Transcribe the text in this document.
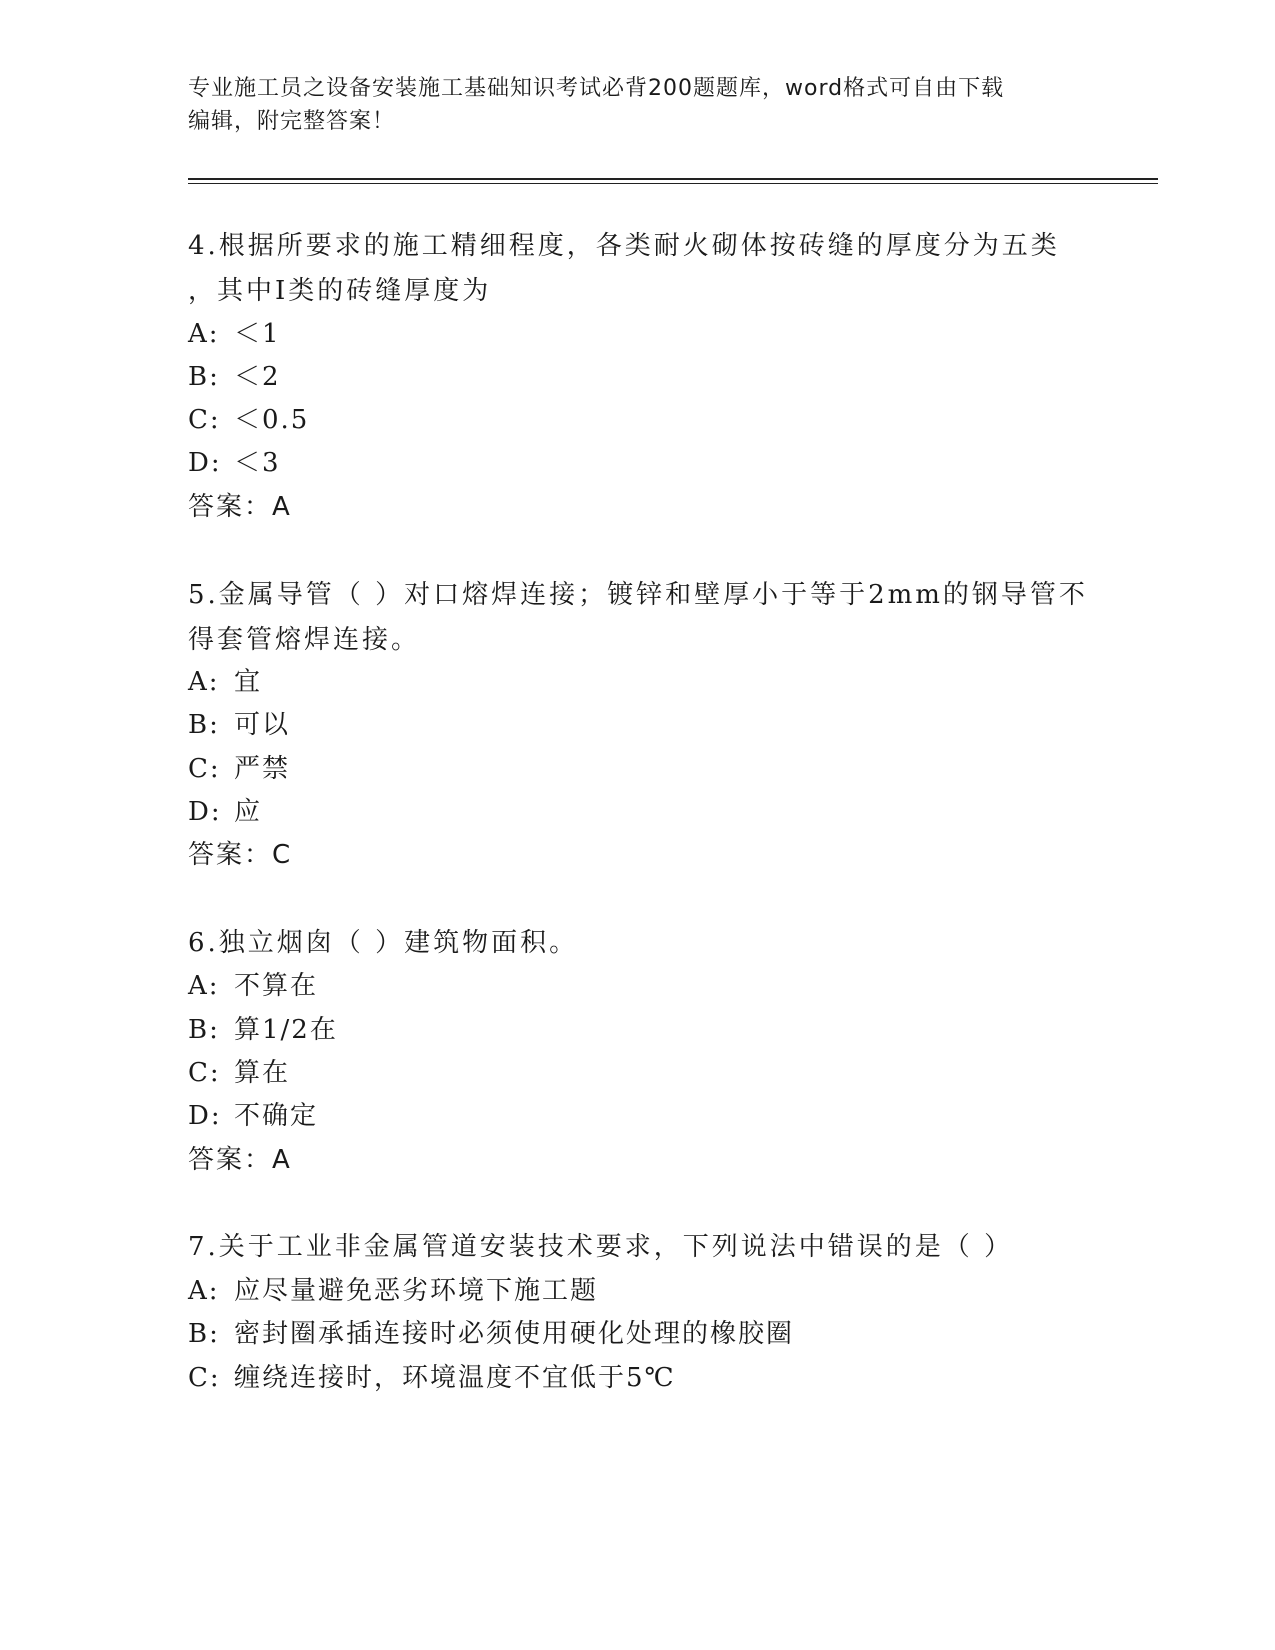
专业施工员之设备安装施工基础知识考试必背200题题库，word格式可自由下载
编辑，附完整答案！
4.根据所要求的施工精细程度，各类耐火砌体按砖缝的厚度分为五类
，其中Ⅰ类的砖缝厚度为
A: ＜1
B: ＜2
C: ＜0.5
D: ＜3
答案：A
5.金属导管（ ）对口熔焊连接；镀锌和壁厚小于等于2mm的钢导管不
得套管熔焊连接。
A: 宜
B: 可以
C: 严禁
D: 应
答案：C
6.独立烟囱（ ）建筑物面积。
A: 不算在
B: 算1/2在
C: 算在
D: 不确定
答案：A
7.关于工业非金属管道安装技术要求，下列说法中错误的是（ ）
A: 应尽量避免恶劣环境下施工题
B: 密封圈承插连接时必须使用硬化处理的橡胶圈
C: 缠绕连接时，环境温度不宜低于5℃
